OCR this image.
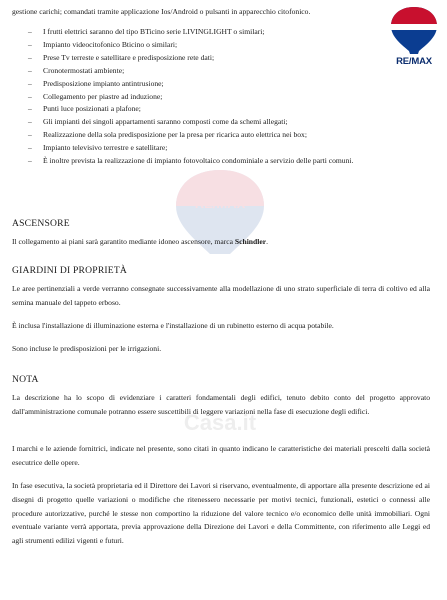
gestione carichi; comandati tramite applicazione Ios/Android o pulsanti in apparecchio citofonico.
RE/MAX
RE/MAX
– I frutti elettrici saranno del tipo BTicino serie LIVINGLIGHT o similari;
– Impianto videocitofonico Bticino o similari;
– Prese Tv terreste e satellitare e predisposizione rete dati;
– Cronotermostati ambiente;
– Predisposizione impianto antintrusione;
– Collegamento per piastre ad induzione;
– Punti luce posizionati a plafone;
– Gli impianti dei singoli appartamenti saranno composti come da schemi allegati;
– Realizzazione della sola predisposizione per la presa per ricarica auto elettrica nei box;
– Impianto televisivo terrestre e satellitare;
– È inoltre prevista la realizzazione di impianto fotovoltaico condominiale a servizio delle parti comuni.
ASCENSORE

Il collegamento ai piani sarà garantito mediante idoneo ascensore, marca Schindler.

GIARDINI DI PROPRIETÀ

Le aree pertinenziali a verde verranno consegnate successivamente alla modellazione di uno strato superficiale di terra di coltivo ed alla semina manuale del tappeto erboso.

È inclusa l'installazione di illuminazione esterna e l'installazione di un rubinetto esterno di acqua potabile.

Sono incluse le predisposizioni per le irrigazioni.

NOTA

La descrizione ha lo scopo di evidenziare i caratteri fondamentali degli edifici, tenuto debito conto del progetto approvato dall'amministrazione comunale potranno essere suscettibili di leggere variazioni nella fase di esecuzione degli edifici.

I marchi e le aziende fornitrici, indicate nel presente, sono citati in quanto indicano le caratteristiche dei materiali prescelti dalla società esecutrice delle opere.

In fase esecutiva, la società proprietaria ed il Direttore dei Lavori si riservano, eventualmente, di apportare alla presente descrizione ed ai disegni di progetto quelle variazioni o modifiche che ritenessero necessarie per motivi tecnici, funzionali, estetici o connessi alle procedure autorizzative, purché le stesse non comportino la riduzione del valore tecnico e/o economico delle unità immobiliari. Ogni eventuale variante verrà apportata, previa approvazione della Direzione dei Lavori e della Committente, con riferimento alle Leggi ed agli strumenti edilizi vigenti e futuri.

Casa.it
